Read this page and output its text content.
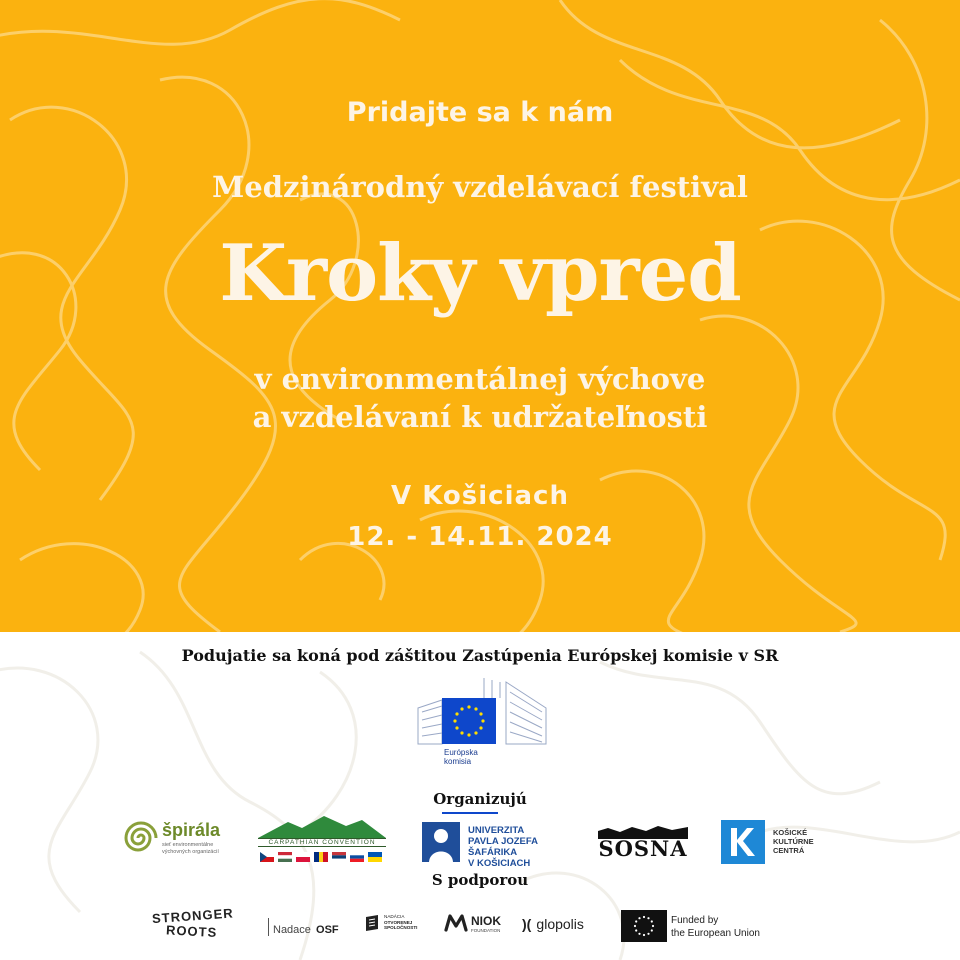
Pridajte sa k nám

Medzinárodný vzdelávací festival

Kroky vpred

v environmentálnej výchove

a vzdelávaní k udržateľnosti

V Košiciach

12. - 14.11. 2024

Podujatie sa koná pod záštitou Zastúpenia Európskej komisie v SR

Európska
komisia

Organizujú

špirála
sieť environmentálne
výchovných organizácií
CARPATHIAN CONVENTION
UNIVERZITA
PAVLA JOZEFA ŠAFÁRIKA
V KOŠICIACH
SOSNA
KOŠICKÉ
KULTÚRNE
CENTRÁ

S podporou

STRONGER
ROOTS	Nadace OSF
NADÁCIA
OTVORENEJ
SPOLOČNOSTI	NIOK
FOUNDATION )( glopolis	Funded by
the European Union
